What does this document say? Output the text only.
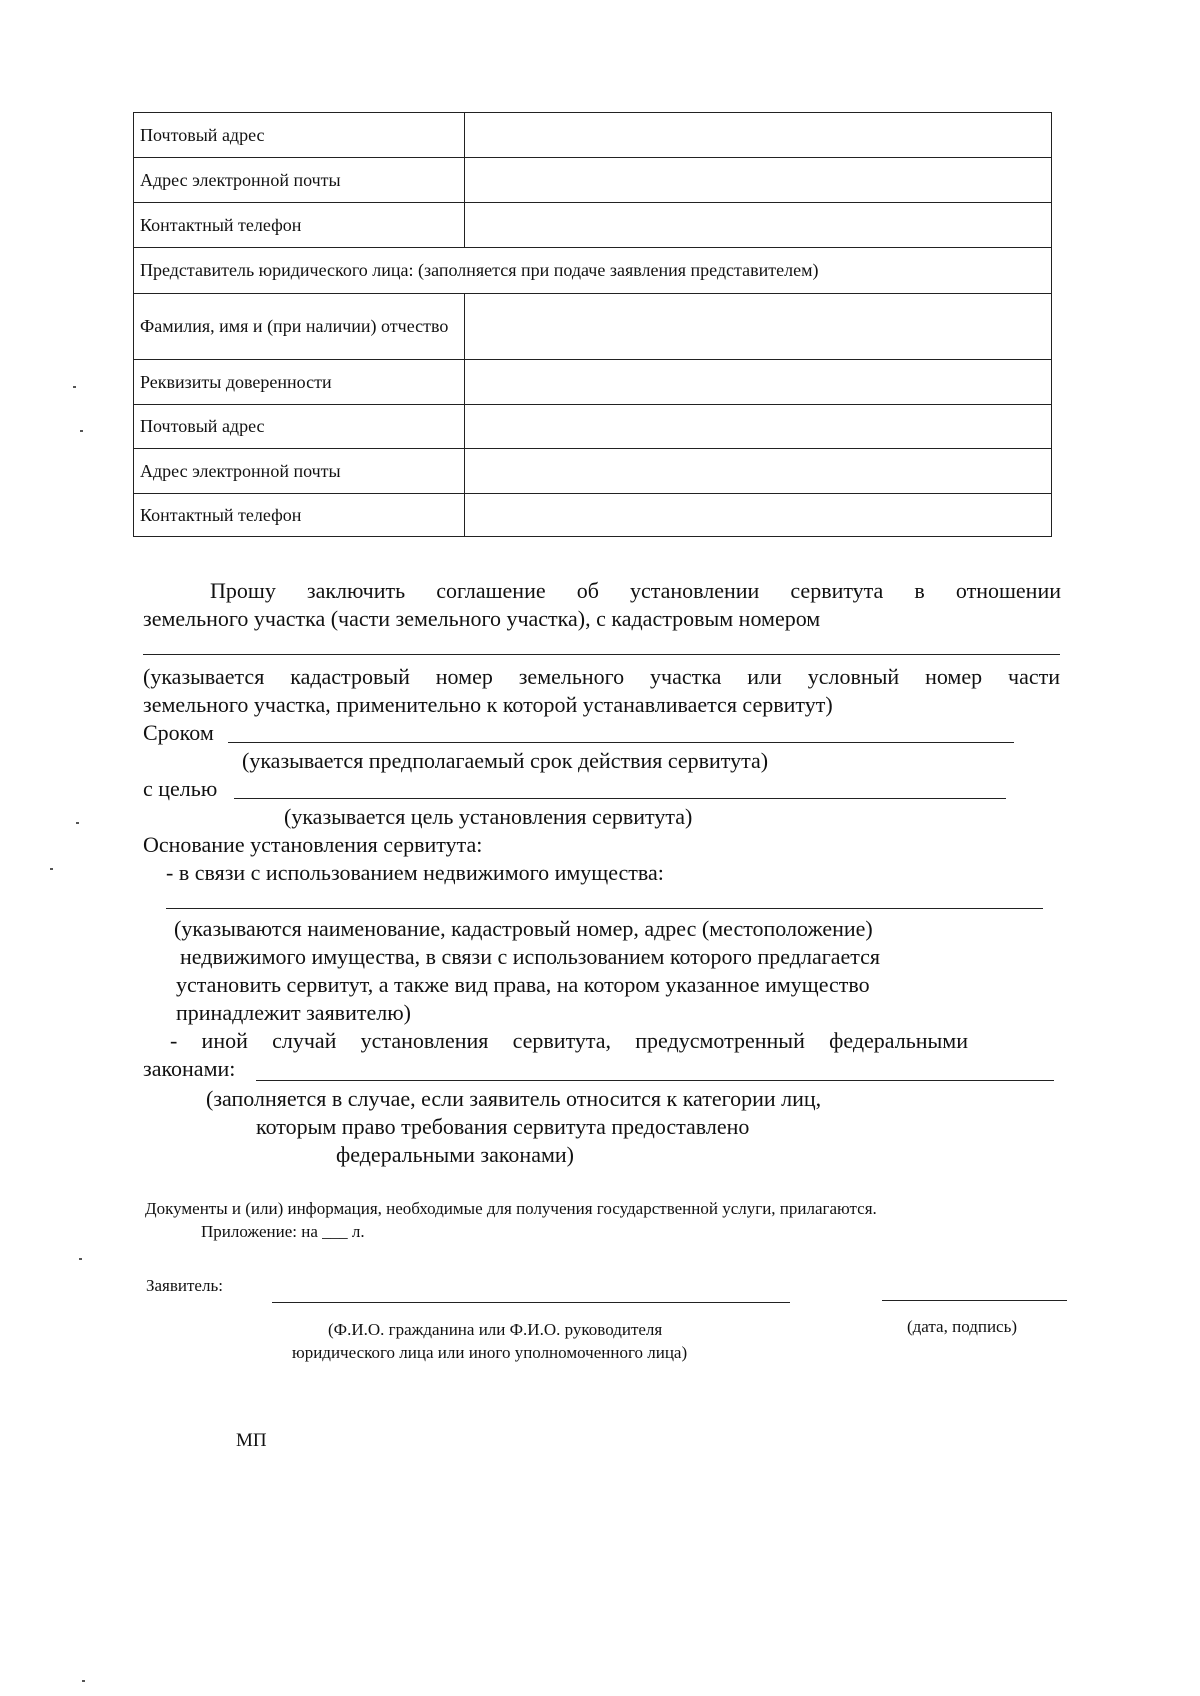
Почтовый адрес	
Адрес электронной почты	
Контактный телефон	
Представитель юридического лица: (заполняется при подаче заявления представителем)	
Фамилия, имя и (при наличии) отчество	
Реквизиты доверенности	
Почтовый адрес	
Адрес электронной почты	
Контактный телефон	
Прошу заключить соглашение об установлении сервитута в отношении
земельного участка (части земельного участка), с кадастровым номером
(указывается кадастровый номер земельного участка или условный номер части
земельного участка, применительно к которой устанавливается сервитут)
Сроком
(указывается предполагаемый срок действия сервитута)
с целью
(указывается цель установления сервитута)
Основание установления сервитута:
- в связи с использованием недвижимого имущества:
(указываются наименование, кадастровый номер, адрес (местоположение)
недвижимого имущества, в связи с использованием которого предлагается
установить сервитут, а также вид права, на котором указанное имущество
принадлежит заявителю)
- иной случай установления сервитута, предусмотренный федеральными
законами:
(заполняется в случае, если заявитель относится к категории лиц,
которым право требования сервитута предоставлено
федеральными законами)
Документы и (или) информация, необходимые для получения государственной услуги, прилагаются.
Приложение: на ___ л.
Заявитель:
(Ф.И.О. гражданина или Ф.И.О. руководителя
юридического лица или иного уполномоченного лица)
(дата, подпись)
МП
